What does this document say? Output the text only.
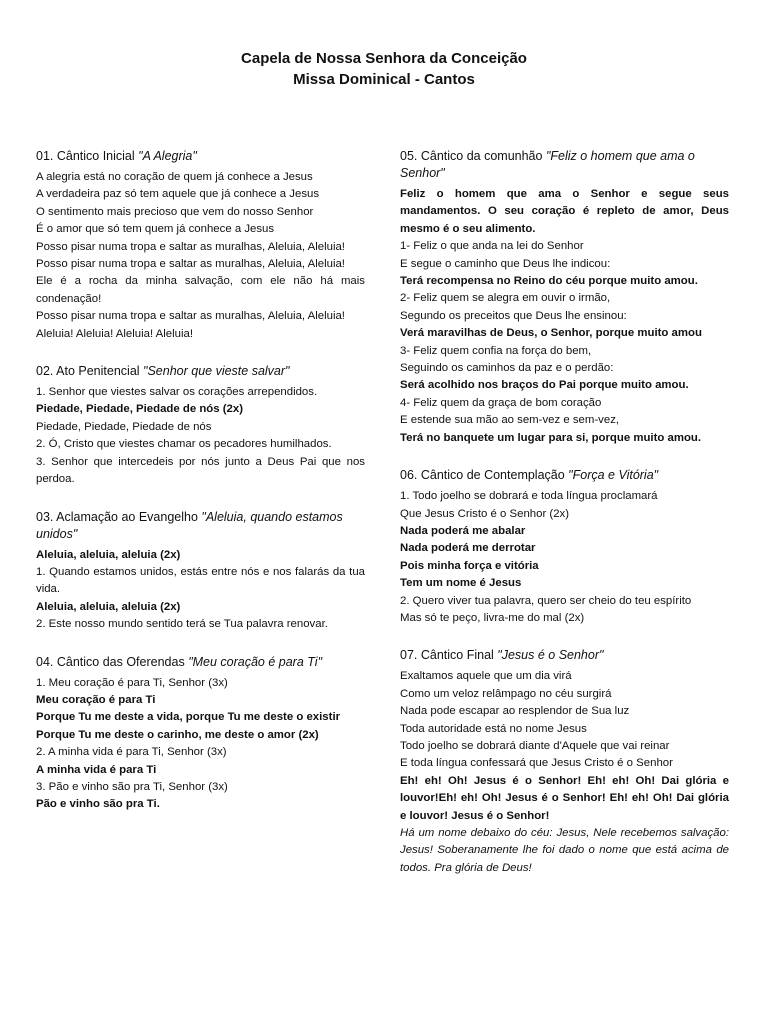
Capela de Nossa Senhora da Conceição
Missa Dominical - Cantos
01. Cântico Inicial "A Alegria"
A alegria está no coração de quem já conhece a Jesus
A verdadeira paz só tem aquele que já conhece a Jesus
O sentimento mais precioso que vem do nosso Senhor
É o amor que só tem quem já conhece a Jesus
Posso pisar numa tropa e saltar as muralhas, Aleluia, Aleluia!
Posso pisar numa tropa e saltar as muralhas, Aleluia, Aleluia!
Ele é a rocha da minha salvação, com ele não há mais condenação!
Posso pisar numa tropa e saltar as muralhas, Aleluia, Aleluia!
Aleluia! Aleluia! Aleluia! Aleluia!
02. Ato Penitencial "Senhor que vieste salvar"
1. Senhor que viestes salvar os corações arrependidos.
Piedade, Piedade, Piedade de nós (2x)
Piedade, Piedade, Piedade de nós
2. Ó, Cristo que viestes chamar os pecadores humilhados.
3. Senhor que intercedeis por nós junto a Deus Pai que nos perdoa.
03. Aclamação ao Evangelho "Aleluia, quando estamos unidos"
Aleluia, aleluia, aleluia (2x)
1. Quando estamos unidos, estás entre nós e nos falarás da tua vida.
Aleluia, aleluia, aleluia (2x)
2. Este nosso mundo sentido terá se Tua palavra renovar.
04. Cântico das Oferendas "Meu coração é para Ti"
1. Meu coração é para Ti, Senhor (3x)
Meu coração é para Ti
Porque Tu me deste a vida, porque Tu me deste o existir
Porque Tu me deste o carinho, me deste o amor (2x)
2. A minha vida é para Ti, Senhor (3x)
A minha vida é para Ti
3. Pão e vinho são pra Ti, Senhor (3x)
Pão e vinho são pra Ti.
05. Cântico da comunhão "Feliz o homem que ama o Senhor"
Feliz o homem que ama o Senhor e segue seus mandamentos. O seu coração é repleto de amor, Deus mesmo é o seu alimento.
1- Feliz o que anda na lei do Senhor
E segue o caminho que Deus lhe indicou:
Terá recompensa no Reino do céu porque muito amou.
2- Feliz quem se alegra em ouvir o irmão,
Segundo os preceitos que Deus lhe ensinou:
Verá maravilhas de Deus, o Senhor, porque muito amou
3- Feliz quem confia na força do bem,
Seguindo os caminhos da paz e o perdão:
Será acolhido nos braços do Pai porque muito amou.
4- Feliz quem da graça de bom coração
E estende sua mão ao sem-vez e sem-vez,
Terá no banquete um lugar para si, porque muito amou.
06. Cântico de Contemplação "Força e Vitória"
1. Todo joelho se dobrará e toda língua proclamará
Que Jesus Cristo é o Senhor (2x)
Nada poderá me abalar
Nada poderá me derrotar
Pois minha força e vitória
Tem um nome é Jesus
2. Quero viver tua palavra, quero ser cheio do teu espírito
Mas só te peço, livra-me do mal (2x)
07. Cântico Final "Jesus é o Senhor"
Exaltamos aquele que um dia virá
Como um veloz relâmpago no céu surgirá
Nada pode escapar ao resplendor de Sua luz
Toda autoridade está no nome Jesus
Todo joelho se dobrará diante d'Aquele que vai reinar
E toda língua confessará que Jesus Cristo é o Senhor
Eh! eh! Oh! Jesus é o Senhor! Eh! eh! Oh! Dai glória e louvor!Eh! eh! Oh! Jesus é o Senhor! Eh! eh! Oh! Dai glória e louvor! Jesus é o Senhor!
Há um nome debaixo do céu: Jesus, Nele recebemos salvação: Jesus! Soberanamente lhe foi dado o nome que está acima de todos. Pra glória de Deus!
